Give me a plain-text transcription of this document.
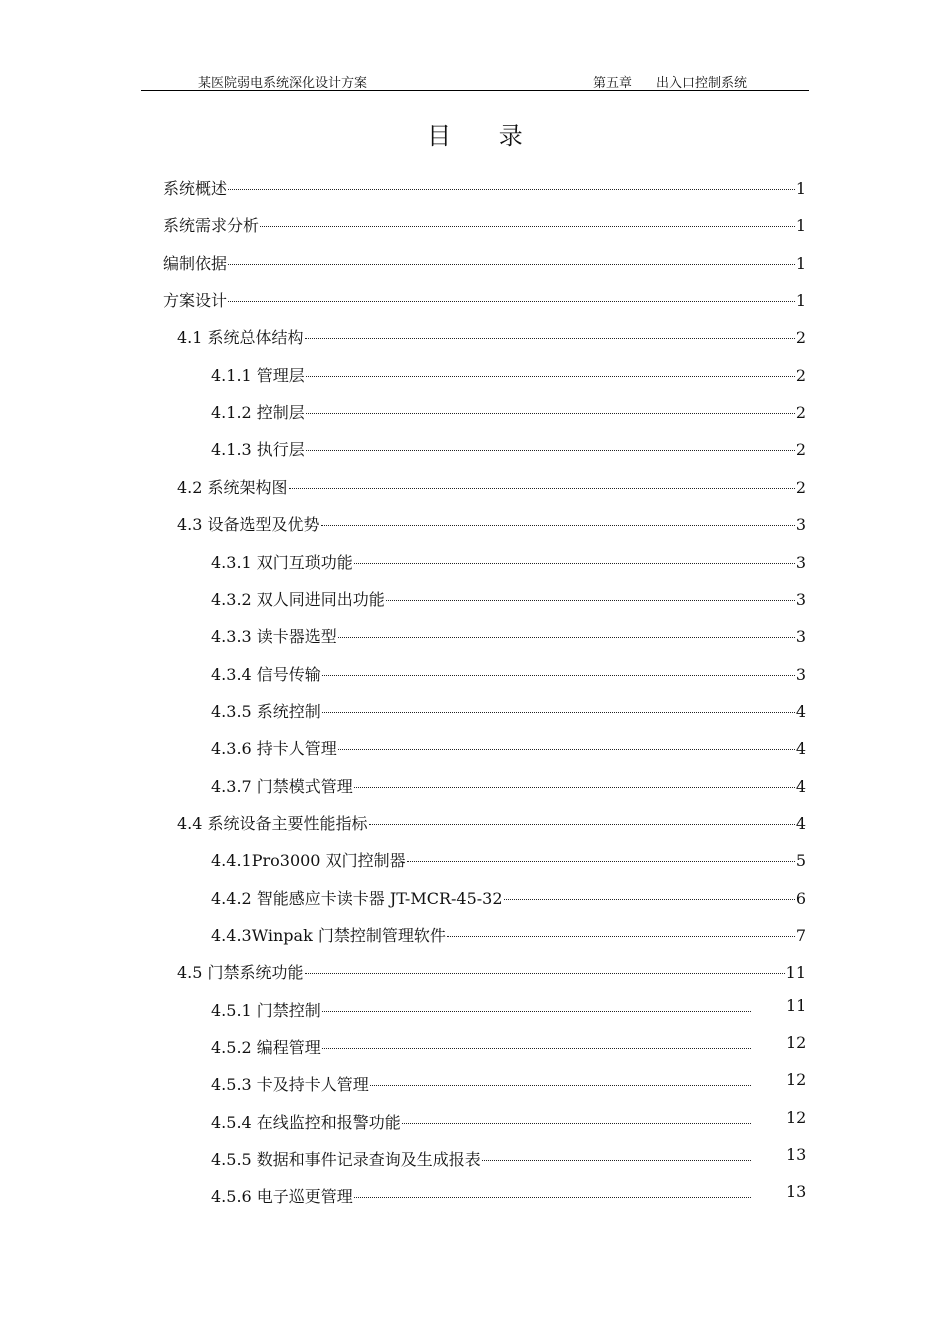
某医院弱电系统深化设计方案	第五章 出入口控制系统
目 录
系统概述	1
系统需求分析	1
编制依据	1
方案设计	1
4.1 系统总体结构	2
4.1.1 管理层	2
4.1.2 控制层	2
4.1.3 执行层	2
4.2 系统架构图	2
4.3 设备选型及优势	3
4.3.1 双门互琐功能	3
4.3.2 双人同进同出功能	3
4.3.3 读卡器选型	3
4.3.4 信号传输	3
4.3.5 系统控制	4
4.3.6 持卡人管理	4
4.3.7 门禁模式管理	4
4.4 系统设备主要性能指标	4
4.4.1Pro3000 双门控制器	5
4.4.2 智能感应卡读卡器 JT-MCR-45-32	6
4.4.3Winpak 门禁控制管理软件	7
4.5 门禁系统功能	11
4.5.1 门禁控制	11
4.5.2 编程管理	12
4.5.3 卡及持卡人管理	12
4.5.4 在线监控和报警功能	12
4.5.5 数据和事件记录查询及生成报表	13
4.5.6 电子巡更管理	13
